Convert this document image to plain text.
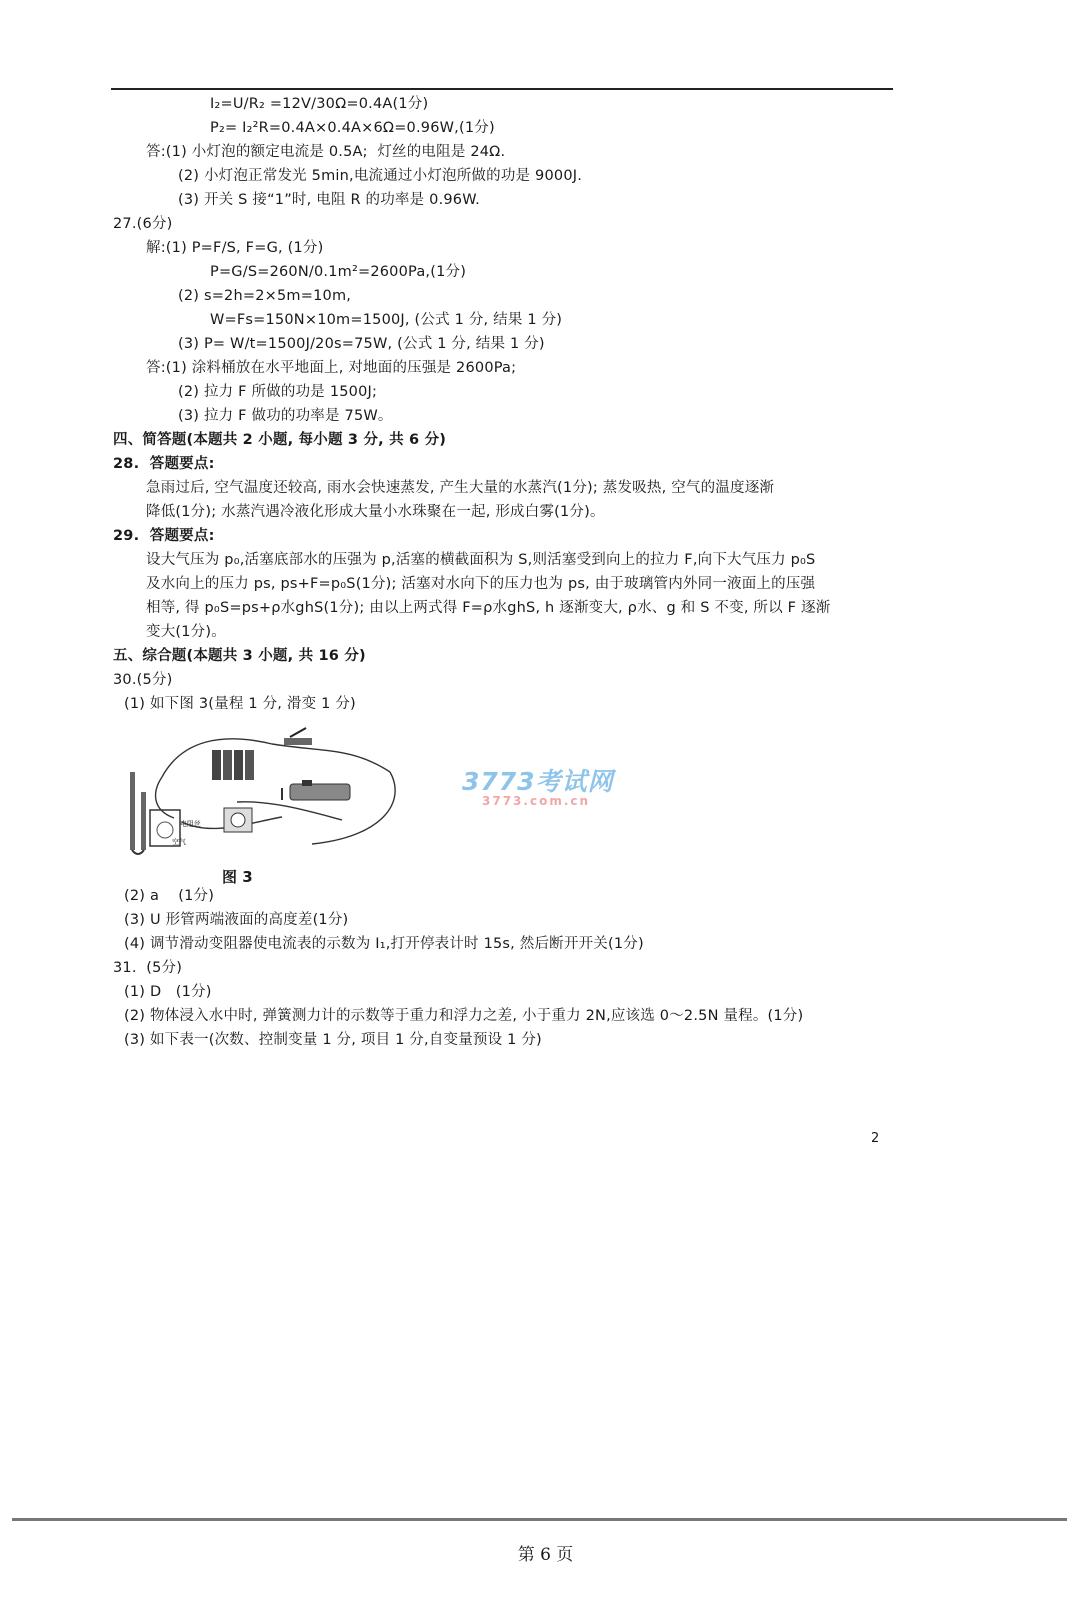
I₂=U/R₂ =12V/30Ω=0.4A(1分)
P₂= I₂²R=0.4A×0.4A×6Ω=0.96W,(1分)
答:(1) 小灯泡的额定电流是 0.5A;  灯丝的电阻是 24Ω.
(2) 小灯泡正常发光 5min,电流通过小灯泡所做的功是 9000J.
(3) 开关 S 接“1”时, 电阻 R 的功率是 0.96W.
27.(6分)
解:(1) P=F/S, F=G, (1分)
P=G/S=260N/0.1m²=2600Pa,(1分)
(2) s=2h=2×5m=10m,
W=Fs=150N×10m=1500J, (公式 1 分, 结果 1 分)
(3) P= W/t=1500J/20s=75W, (公式 1 分, 结果 1 分)
答:(1) 涂料桶放在水平地面上, 对地面的压强是 2600Pa;
(2) 拉力 F 所做的功是 1500J;
(3) 拉力 F 做功的功率是 75W。
四、简答题(本题共 2 小题, 每小题 3 分, 共 6 分)
28.  答题要点:
急雨过后, 空气温度还较高, 雨水会快速蒸发, 产生大量的水蒸汽(1分); 蒸发吸热, 空气的温度逐渐
降低(1分); 水蒸汽遇冷液化形成大量小水珠聚在一起, 形成白雾(1分)。
29.  答题要点:
设大气压为 p₀,活塞底部水的压强为 p,活塞的横截面积为 S,则活塞受到向上的拉力 F,向下大气压力 p₀S
及水向上的压力 ps, ps+F=p₀S(1分); 活塞对水向下的压力也为 ps, 由于玻璃管内外同一液面上的压强
相等, 得 p₀S=ps+ρ水ghS(1分); 由以上两式得 F=ρ水ghS, h 逐渐变大, ρ水、g 和 S 不变, 所以 F 逐渐
变大(1分)。
五、综合题(本题共 3 小题, 共 16 分)
30.(5分)
(1) 如下图 3(量程 1 分, 滑变 1 分)
(2) a    (1分)
(3) U 形管两端液面的高度差(1分)
(4) 调节滑动变阻器使电流表的示数为 I₁,打开停表计时 15s, 然后断开开关(1分)
31.  (5分)
(1) D   (1分)
(2) 物体浸入水中时, 弹簧测力计的示数等于重力和浮力之差, 小于重力 2N,应该选 0～2.5N 量程。(1分)
(3) 如下表一(次数、控制变量 1 分, 项目 1 分,自变量预设 1 分)
电阻丝
空气
图 3
3773考试网
3773.com.cn
2
第 6 页
